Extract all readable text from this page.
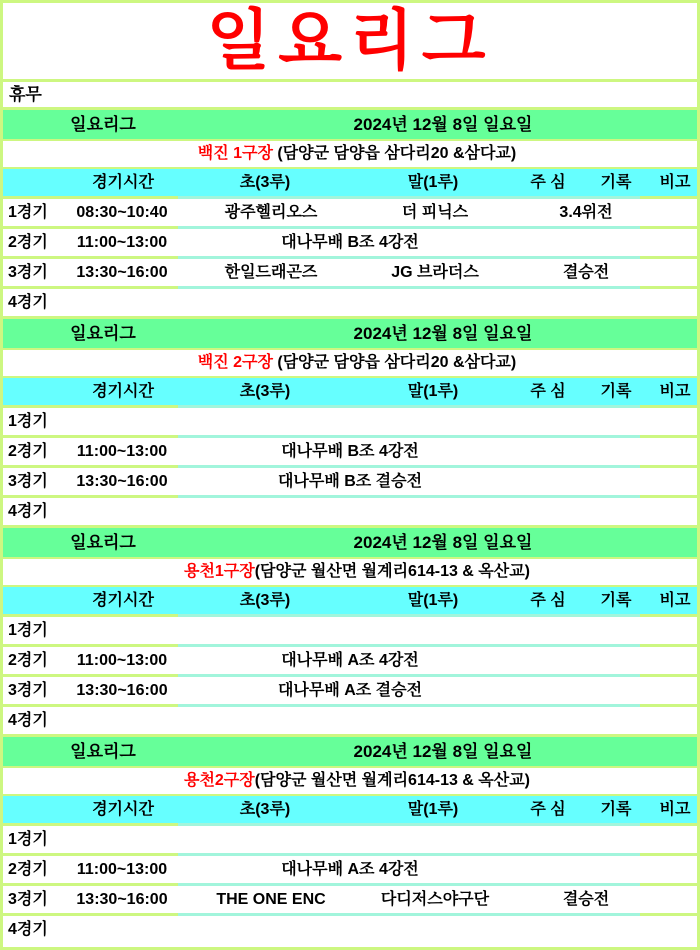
일요리그
휴무
일요리그	2024년 12월 8일 일요일
백진 1구장 (담양군 담양읍 삼다리20 &삼다교)
경기시간	초(3루)	말(1루)	주 심 기록 비고
1경기 08:30~10:40	광주헬리오스	더 피닉스	3.4위전
2경기 11:00~13:00	대나무배 B조 4강전
3경기 13:30~16:00	한일드래곤즈	JG 브라더스	결승전
4경기
일요리그	2024년 12월 8일 일요일
백진 2구장 (담양군 담양읍 삼다리20 &삼다교)
경기시간	초(3루)	말(1루)	주 심 기록 비고
1경기
2경기 11:00~13:00	대나무배 B조 4강전
3경기 13:30~16:00	대나무배 B조 결승전
4경기
일요리그	2024년 12월 8일 일요일
용천1구장(담양군 월산면 월계리614-13 & 옥산교)
경기시간	초(3루)	말(1루)	주 심 기록 비고
1경기
2경기 11:00~13:00	대나무배 A조 4강전
3경기 13:30~16:00	대나무배 A조 결승전
4경기
일요리그	2024년 12월 8일 일요일
용천2구장(담양군 월산면 월계리614-13 & 옥산교)
경기시간	초(3루)	말(1루)	주 심 기록 비고
1경기
2경기 11:00~13:00	대나무배 A조 4강전
3경기 13:30~16:00	THE ONE ENC	다디저스야구단	결승전
4경기
